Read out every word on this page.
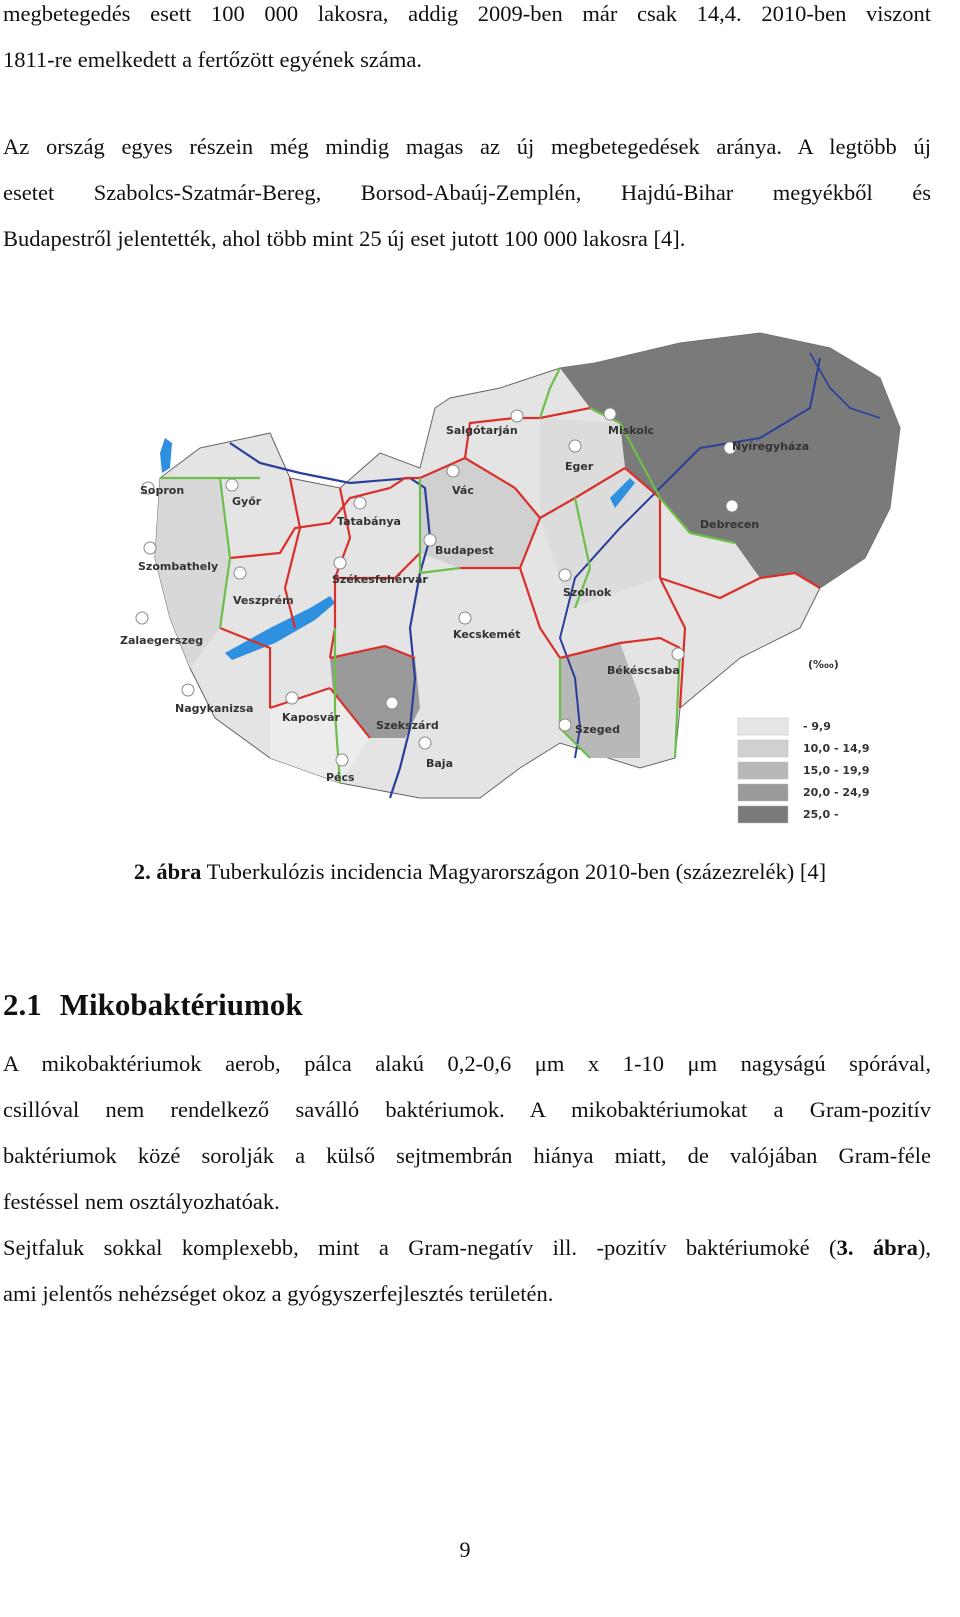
megbetegedés esett 100 000 lakosra, addig 2009-ben már csak 14,4. 2010-ben viszont
1811-re emelkedett a fertőzött egyének száma.

Az ország egyes részein még mindig magas az új megbetegedések aránya. A legtöbb új
esetet Szabolcs-Szatmár-Bereg, Borsod-Abaúj-Zemplén, Hajdú-Bihar megyékből és
Budapestről jelentették, ahol több mint 25 új eset jutott 100 000 lakosra [4].

Salgótarján	Miskolc
Nyíregyháza
Eger
Sopron
Győr
Vác
Tatabánya	Debrecen
Budapest
Szombathely
Székesfehérvár
Szolnok
Veszprém
Kecskemét
Zalaegerszeg
Békéscsaba
Nagykanizsa
Kaposvár
Szekszárd	Szeged
Baja
Pécs
(‱)
- 9,9
10,0 - 14,9
15,0 - 19,9
20,0 - 24,9
25,0 -

2. ábra Tuberkulózis incidencia Magyarországon 2010-ben (százezrelék) [4]

2.1 Mikobaktériumok

A mikobaktériumok aerob, pálca alakú 0,2-0,6 μm x 1-10 μm nagyságú spórával,
csillóval nem rendelkező saválló baktériumok. A mikobaktériumokat a Gram-pozitív
baktériumok közé sorolják a külső sejtmembrán hiánya miatt, de valójában Gram-féle
festéssel nem osztályozhatóak.

Sejtfaluk sokkal komplexebb, mint a Gram-negatív ill. -pozitív baktériumoké (3. ábra),
ami jelentős nehézséget okoz a gyógyszerfejlesztés területén.

9
